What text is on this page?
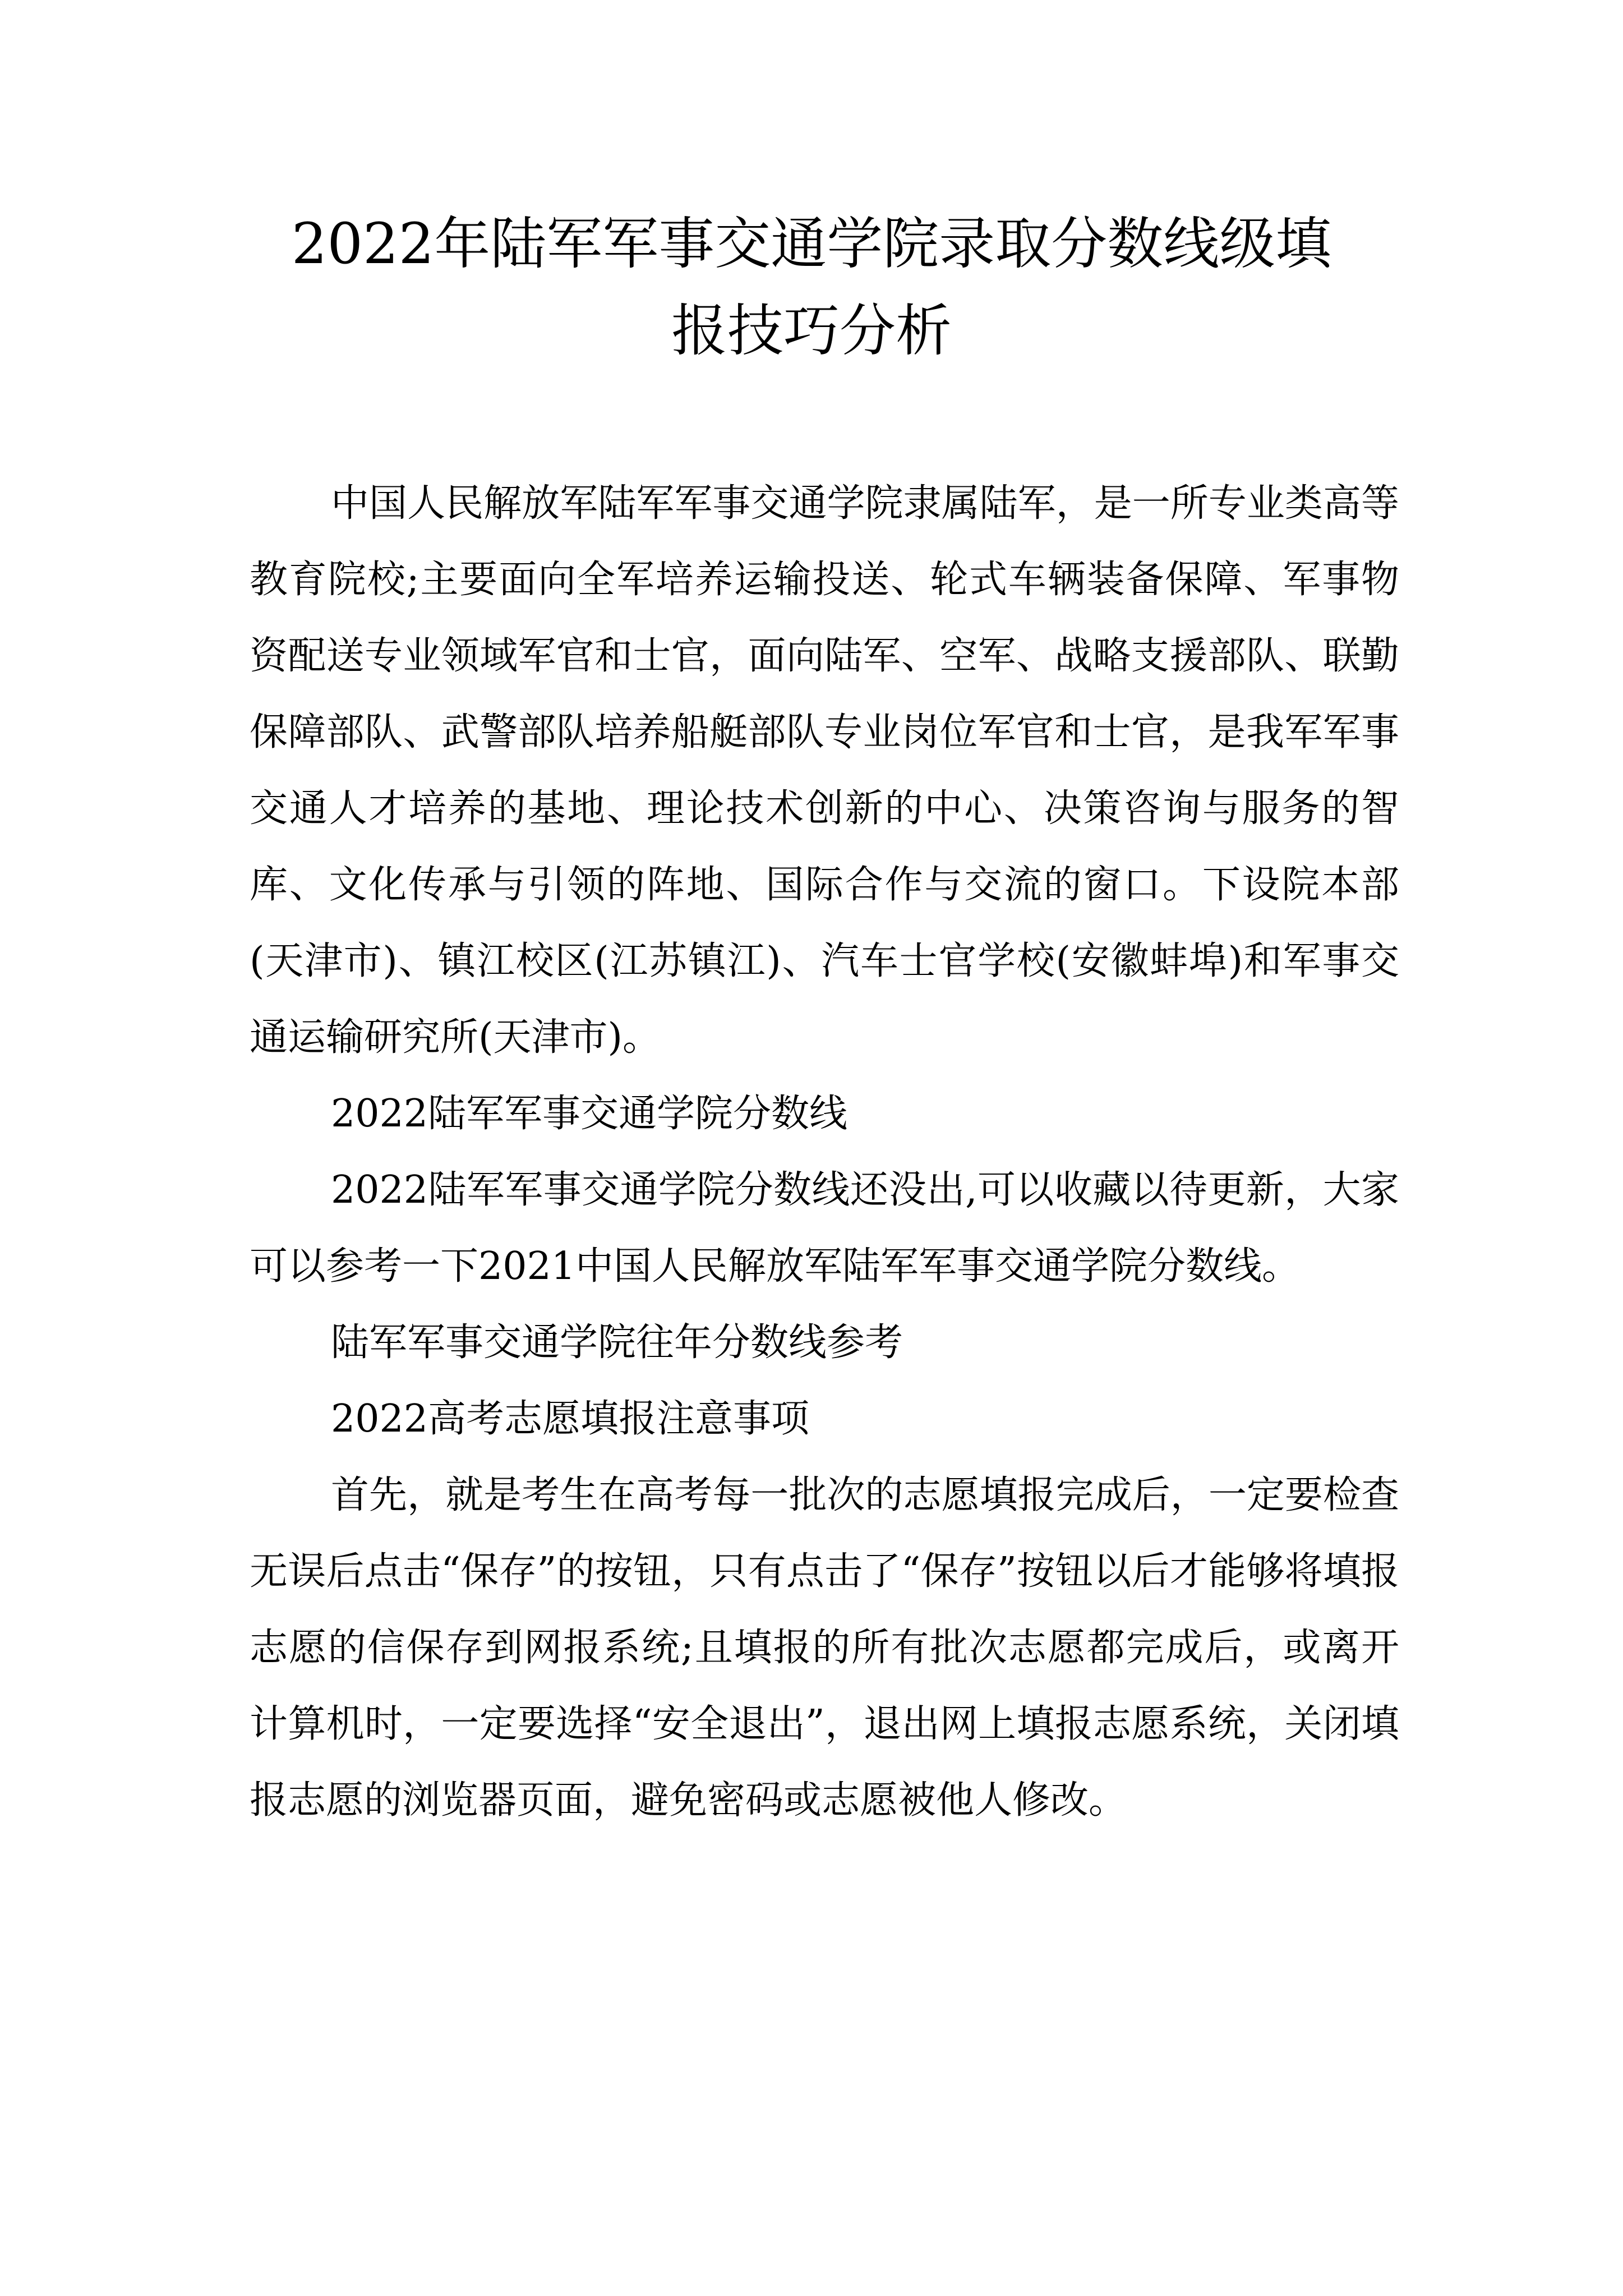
2022年陆军军事交通学院录取分数线级填
报技巧分析

中国人民解放军陆军军事交通学院隶属陆军，是一所专业类高等教育院校;主要面向全军培养运输投送、轮式车辆装备保障、军事物资配送专业领域军官和士官，面向陆军、空军、战略支援部队、联勤保障部队、武警部队培养船艇部队专业岗位军官和士官，是我军军事交通人才培养的基地、理论技术创新的中心、决策咨询与服务的智库、文化传承与引领的阵地、国际合作与交流的窗口。下设院本部(天津市)、镇江校区(江苏镇江)、汽车士官学校(安徽蚌埠)和军事交通运输研究所(天津市)。

2022陆军军事交通学院分数线

2022陆军军事交通学院分数线还没出,可以收藏以待更新，大家可以参考一下2021中国人民解放军陆军军事交通学院分数线。

陆军军事交通学院往年分数线参考

2022高考志愿填报注意事项

首先，就是考生在高考每一批次的志愿填报完成后，一定要检查无误后点击“保存”的按钮，只有点击了“保存”按钮以后才能够将填报志愿的信保存到网报系统;且填报的所有批次志愿都完成后，或离开计算机时，一定要选择“安全退出”，退出网上填报志愿系统，关闭填报志愿的浏览器页面，避免密码或志愿被他人修改。
